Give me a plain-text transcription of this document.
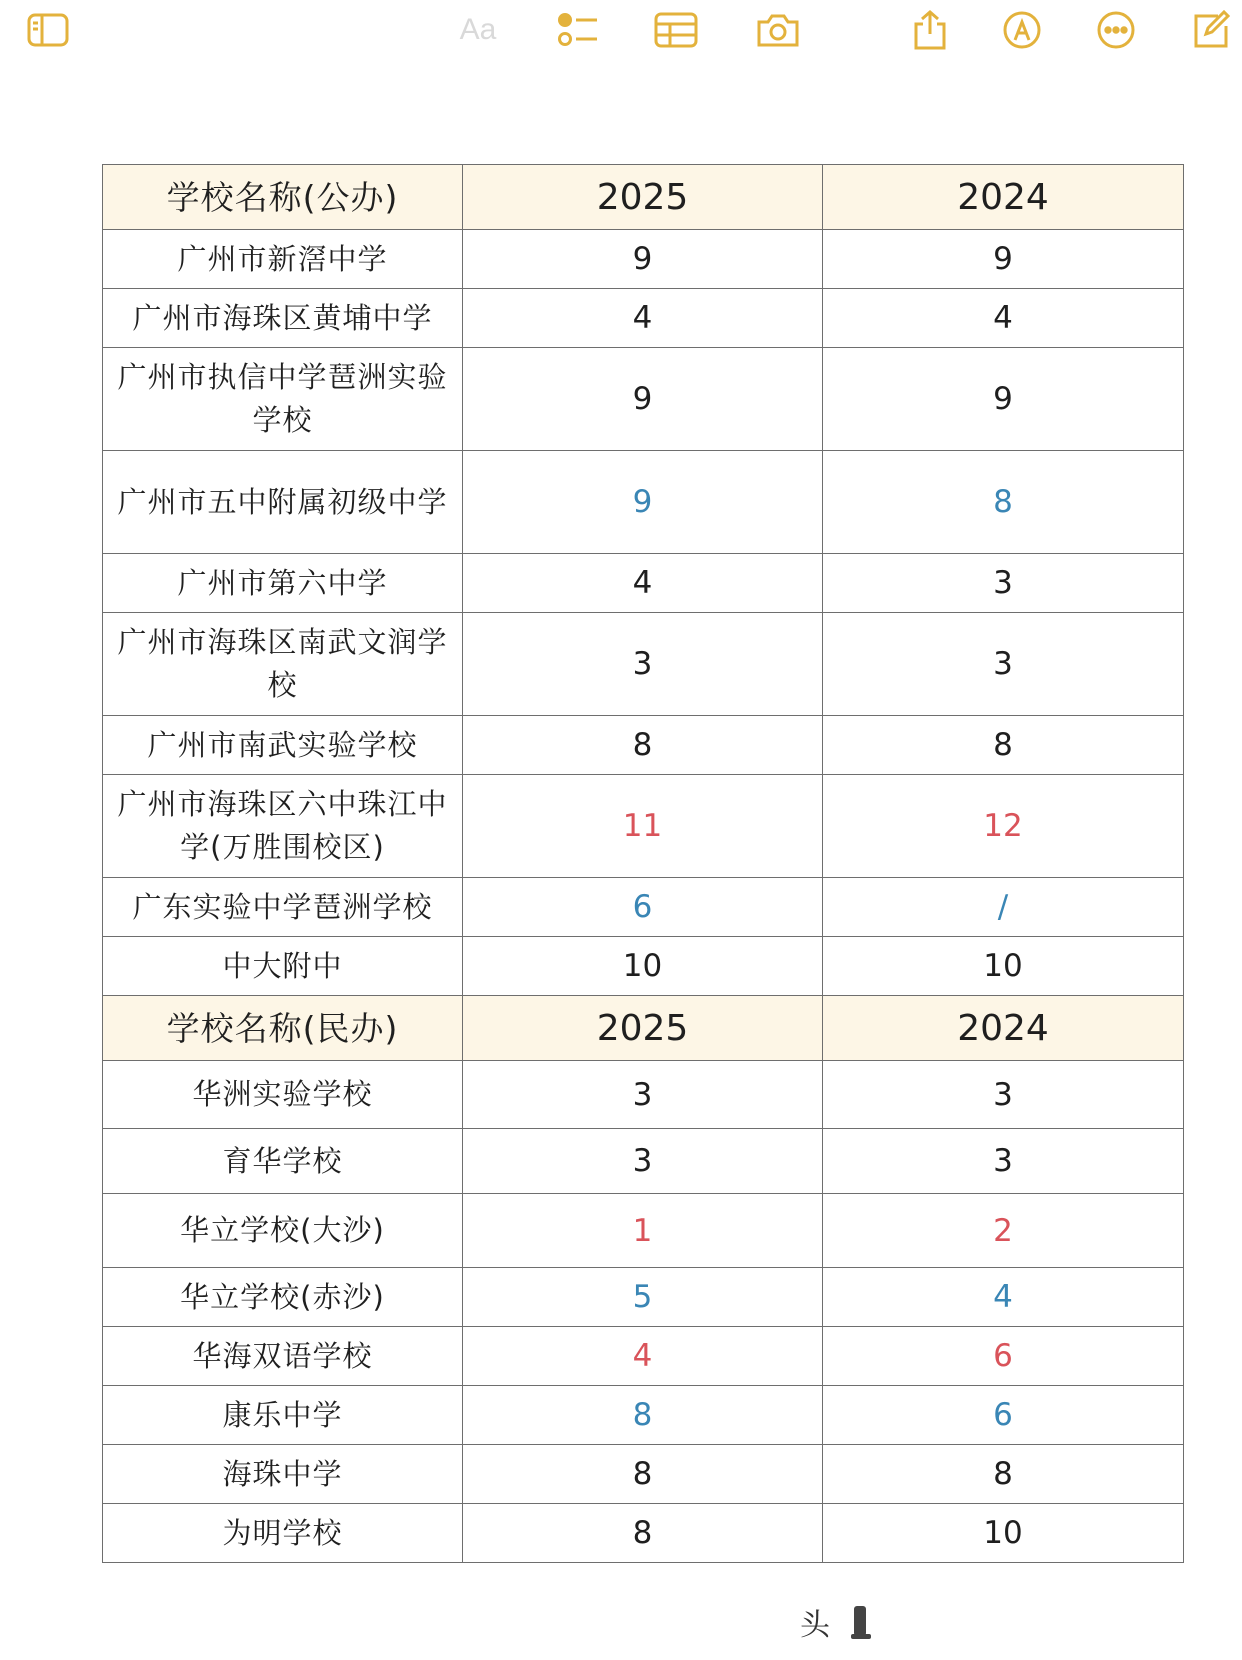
Aa
学校名称(公办)	2025	2024
广州市新滘中学	9	9
广州市海珠区黄埔中学	4	4
广州市执信中学琶洲实验学校	9	9
广州市五中附属初级中学	9	8
广州市第六中学	4	3
广州市海珠区南武文润学校	3	3
广州市南武实验学校	8	8
广州市海珠区六中珠江中学(万胜围校区)	11	12
广东实验中学琶洲学校	6	/
中大附中	10	10
学校名称(民办)	2025	2024
华洲实验学校	3	3
育华学校	3	3
华立学校(大沙)	1	2
华立学校(赤沙)	5	4
华海双语学校	4	6
康乐中学	8	6
海珠中学	8	8
为明学校	8	10
头
